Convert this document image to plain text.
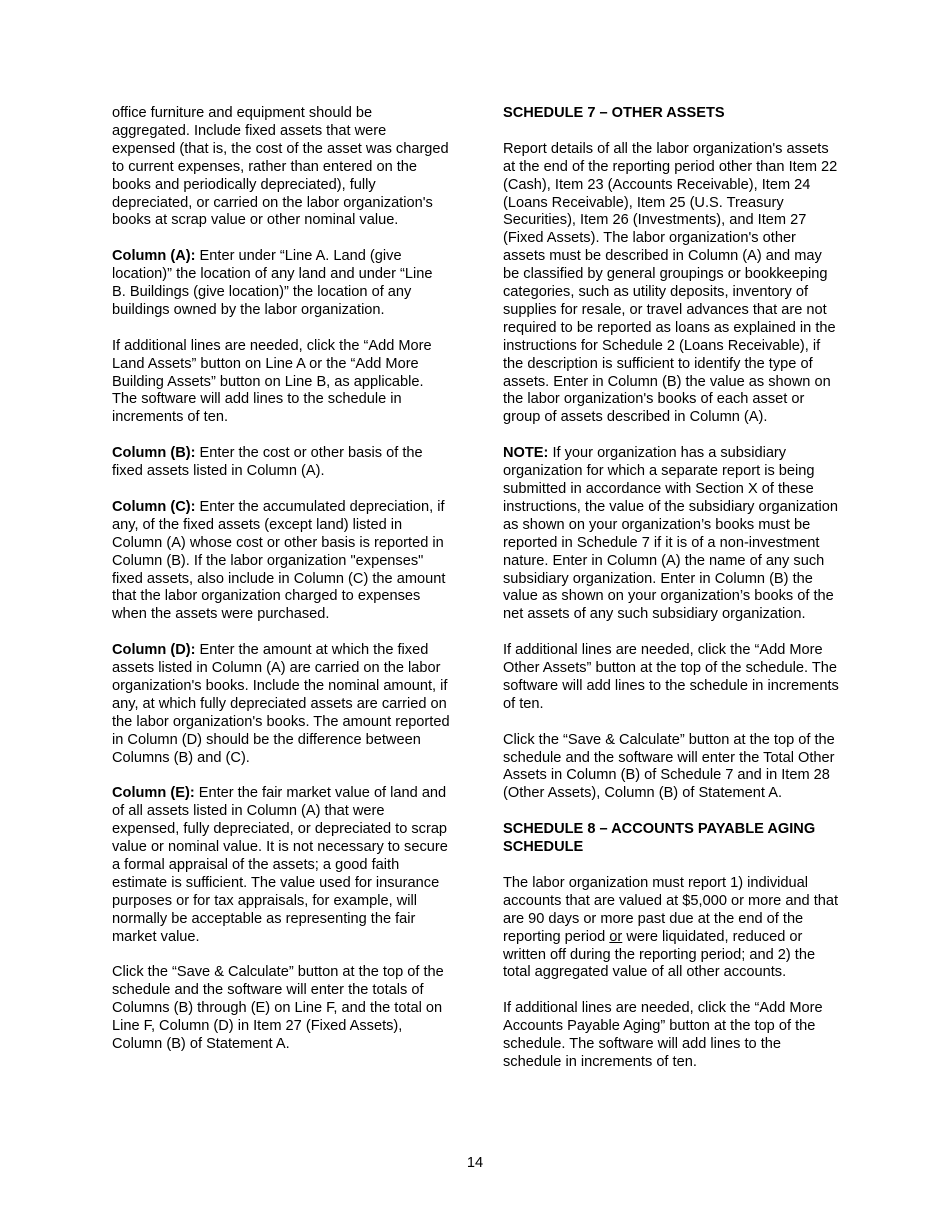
office furniture and equipment should be aggregated. Include fixed assets that were expensed (that is, the cost of the asset was charged to current expenses, rather than entered on the books and periodically depreciated), fully depreciated, or carried on the labor organization's books at scrap value or other nominal value.

Column (A): Enter under “Line A. Land (give location)” the location of any land and under “Line B. Buildings (give location)” the location of any buildings owned by the labor organization.

If additional lines are needed, click the “Add More Land Assets” button on Line A or the “Add More Building Assets” button on Line B, as applicable. The software will add lines to the schedule in increments of ten.

Column (B): Enter the cost or other basis of the fixed assets listed in Column (A).

Column (C): Enter the accumulated depreciation, if any, of the fixed assets (except land) listed in Column (A) whose cost or other basis is reported in Column (B). If the labor organization "expenses" fixed assets, also include in Column (C) the amount that the labor organization charged to expenses when the assets were purchased.

Column (D): Enter the amount at which the fixed assets listed in Column (A) are carried on the labor organization's books. Include the nominal amount, if any, at which fully depreciated assets are carried on the labor organization's books. The amount reported in Column (D) should be the difference between Columns (B) and (C).

Column (E): Enter the fair market value of land and of all assets listed in Column (A) that were expensed, fully depreciated, or depreciated to scrap value or nominal value. It is not necessary to secure a formal appraisal of the assets; a good faith estimate is sufficient. The value used for insurance purposes or for tax appraisals, for example, will normally be acceptable as representing the fair market value.

Click the “Save & Calculate” button at the top of the schedule and the software will enter the totals of Columns (B) through (E) on Line F, and the total on Line F, Column (D) in Item 27 (Fixed Assets), Column (B) of Statement A.

SCHEDULE 7 – OTHER ASSETS

Report details of all the labor organization's assets at the end of the reporting period other than Item 22 (Cash), Item 23 (Accounts Receivable), Item 24 (Loans Receivable), Item 25 (U.S. Treasury Securities), Item 26 (Investments), and Item 27 (Fixed Assets). The labor organization's other assets must be described in Column (A) and may be classified by general groupings or bookkeeping categories, such as utility deposits, inventory of supplies for resale, or travel advances that are not required to be reported as loans as explained in the instructions for Schedule 2 (Loans Receivable), if the description is sufficient to identify the type of assets. Enter in Column (B) the value as shown on the labor organization's books of each asset or group of assets described in Column (A).

NOTE: If your organization has a subsidiary organization for which a separate report is being submitted in accordance with Section X of these instructions, the value of the subsidiary organization as shown on your organization’s books must be reported in Schedule 7 if it is of a non-investment nature. Enter in Column (A) the name of any such subsidiary organization. Enter in Column (B) the value as shown on your organization’s books of the net assets of any such subsidiary organization.

If additional lines are needed, click the “Add More Other Assets” button at the top of the schedule. The software will add lines to the schedule in increments of ten.

Click the “Save & Calculate” button at the top of the schedule and the software will enter the Total Other Assets in Column (B) of Schedule 7 and in Item 28 (Other Assets), Column (B) of Statement A.

SCHEDULE 8 – ACCOUNTS PAYABLE AGING SCHEDULE

The labor organization must report 1) individual accounts that are valued at $5,000 or more and that are 90 days or more past due at the end of the reporting period or were liquidated, reduced or written off during the reporting period; and 2) the total aggregated value of all other accounts.

If additional lines are needed, click the “Add More Accounts Payable Aging” button at the top of the schedule. The software will add lines to the schedule in increments of ten.

14
